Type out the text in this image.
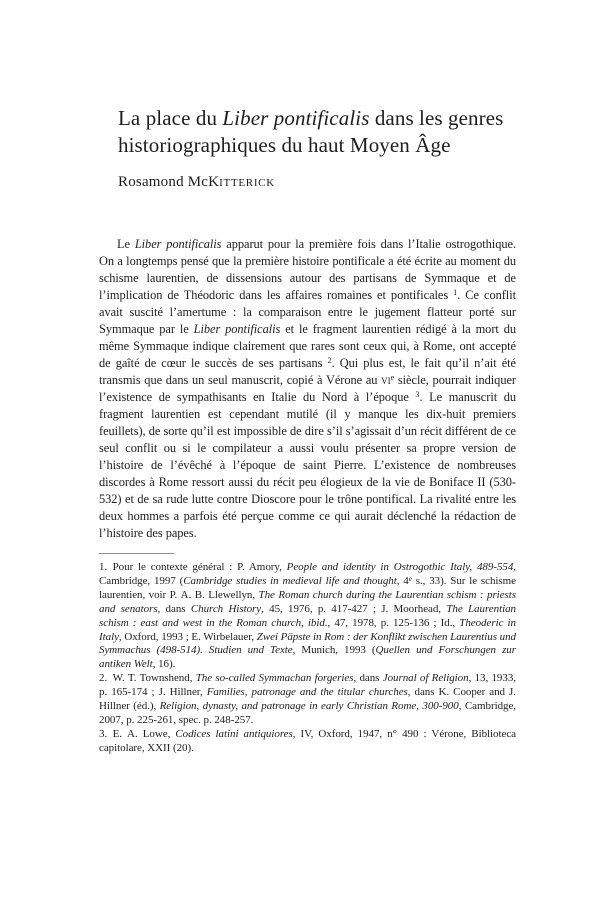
La place du Liber pontificalis dans les genres historiographiques du haut Moyen Âge
Rosamond McKitterick

Le Liber pontificalis apparut pour la première fois dans l’Italie ostrogothique. On a longtemps pensé que la première histoire pontificale a été écrite au moment du schisme laurentien, de dissensions autour des partisans de Symmaque et de l’implication de Théodoric dans les affaires romaines et pontificales $^1$. Ce conflit avait suscité l’amertume : la comparaison entre le jugement flatteur porté sur Symmaque par le Liber pontificalis et le fragment laurentien rédigé à la mort du même Symmaque indique clairement que rares sont ceux qui, à Rome, ont accepté de gaîté de cœur le succès de ses partisans $^2$. Qui plus est, le fait qu’il n’ait été transmis que dans un seul manuscrit, copié à Vérone au $vi^e$ siècle, pourrait indiquer l’existence de sympathisants en Italie du Nord à l’époque $^3$. Le manuscrit du fragment laurentien est cependant mutilé (il y manque les dix-huit premiers feuillets), de sorte qu’il est impossible de dire s’il s’agissait d’un récit différent de ce seul conflit ou si le compilateur a aussi voulu présenter sa propre version de l’histoire de l’évêché à l’époque de saint Pierre. L’existence de nombreuses discordes à Rome ressort aussi du récit peu élogieux de la vie de Boniface II (530-532) et de sa rude lutte contre Dioscore pour le trône pontifical. La rivalité entre les deux hommes a parfois été perçue comme ce qui aurait déclenché la rédaction de l’histoire des papes.

1. Pour le contexte général : P. Amory, People and identity in Ostrogothic Italy, 489-554, Cambridge, 1997 (Cambridge studies in medieval life and thought, 4e s., 33). Sur le schisme laurentien, voir P. A. B. Llewellyn, The Roman church during the Laurentian schism : priests and senators, dans Church History, 45, 1976, p. 417-427 ; J. Moorhead, The Laurentian schism : east and west in the Roman church, ibid., 47, 1978, p. 125-136 ; Id., Theoderic in Italy, Oxford, 1993 ; E. Wirbelauer, Zwei Päpste in Rom : der Konflikt zwischen Laurentius und Symmachus (498-514). Studien und Texte, Munich, 1993 (Quellen und Forschungen zur antiken Welt, 16).

2. W. T. Townshend, The so-called Symmachan forgeries, dans Journal of Religion, 13, 1933, p. 165-174 ; J. Hillner, Families, patronage and the titular churches, dans K. Cooper and J. Hillner (éd.), Religion, dynasty, and patronage in early Christian Rome, 300-900, Cambridge, 2007, p. 225-261, spec. p. 248-257.

3. E. A. Lowe, Codices latini antiquiores, IV, Oxford, 1947, n° 490 : Vérone, Biblioteca capitolare, XXII (20).
